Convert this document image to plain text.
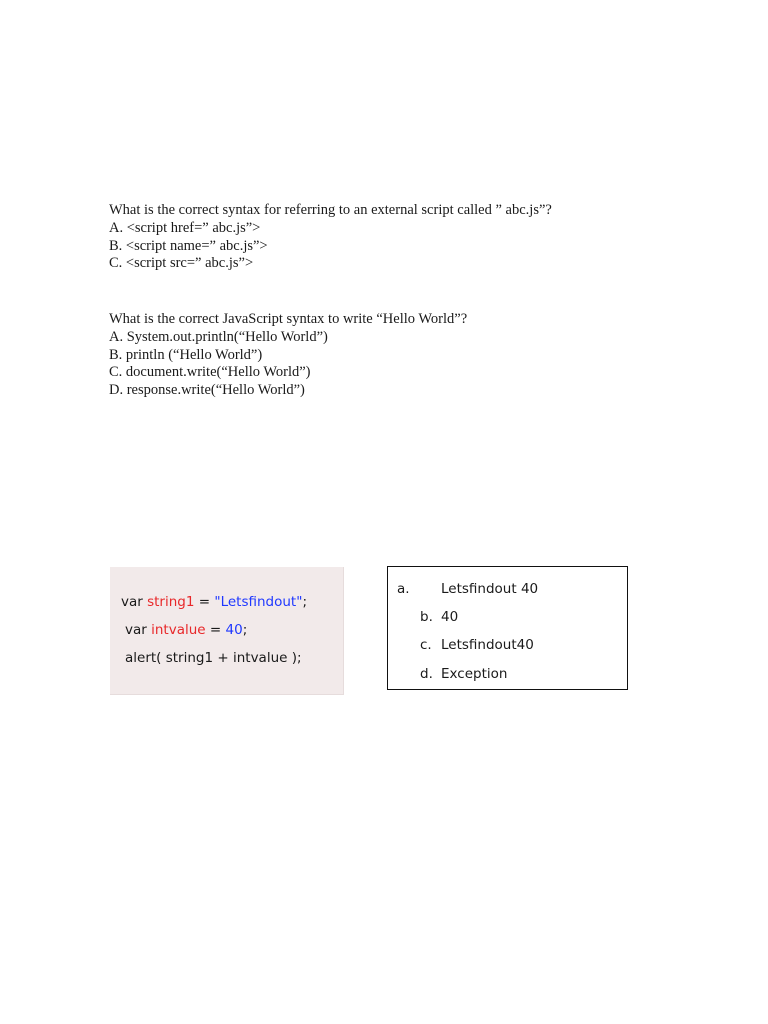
What is the correct syntax for referring to an external script called ” abc.js”?
A. <script href=” abc.js”>
B. <script name=” abc.js”>
C. <script src=” abc.js”>
What is the correct JavaScript syntax to write “Hello World”?
A. System.out.println(“Hello World”)
B. println (“Hello World”)
C. document.write(“Hello World”)
D. response.write(“Hello World”)
var string1 = "Letsfindout";
var intvalue = 40;
alert( string1 + intvalue );
a. Letsfindout 40
b. 40
c. Letsfindout40
d. Exception
